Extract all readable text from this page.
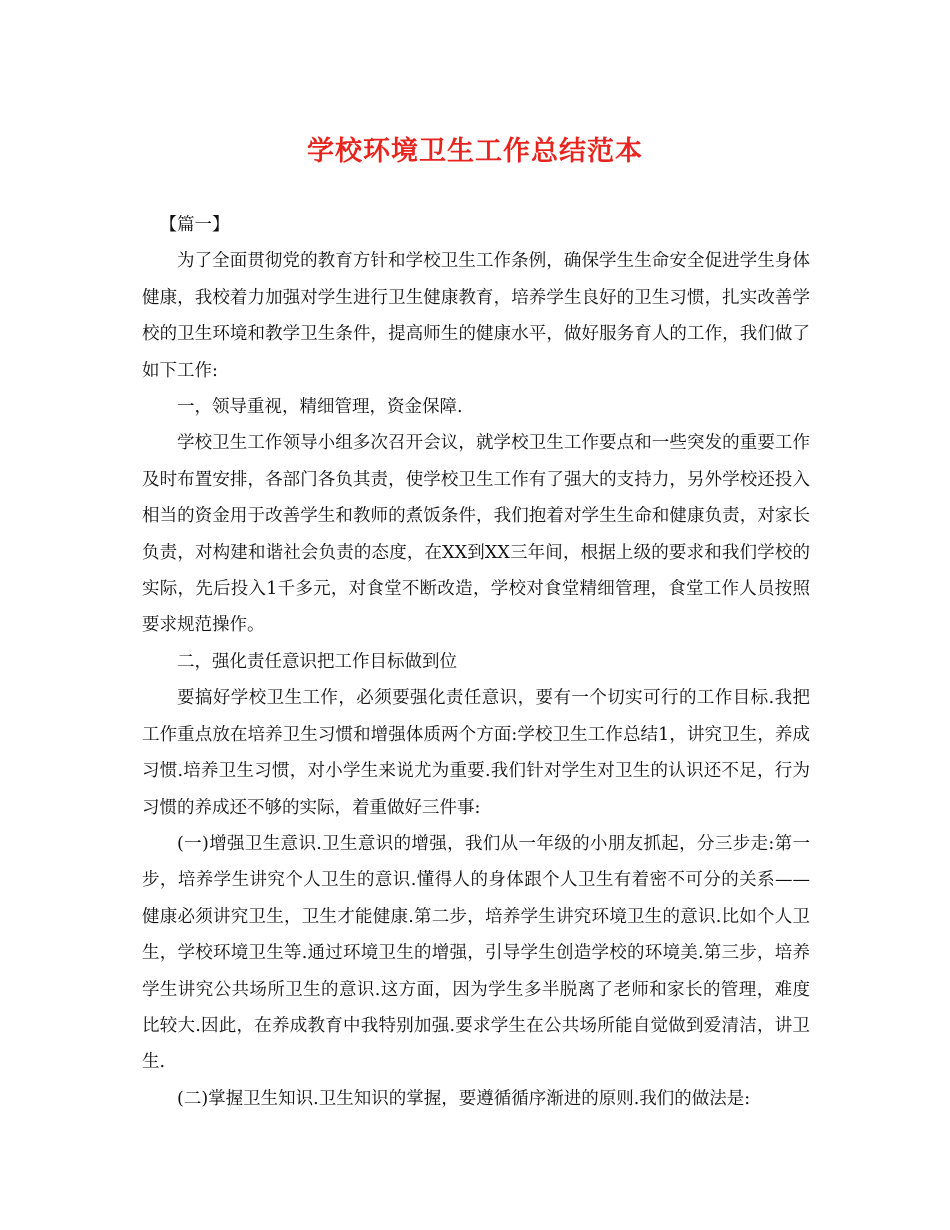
学校环境卫生工作总结范本

【篇一】

为了全面贯彻党的教育方针和学校卫生工作条例，确保学生生命安全促进学生身体健康，我校着力加强对学生进行卫生健康教育，培养学生良好的卫生习惯，扎实改善学校的卫生环境和教学卫生条件，提高师生的健康水平，做好服务育人的工作，我们做了如下工作:

一，领导重视，精细管理，资金保障.

学校卫生工作领导小组多次召开会议，就学校卫生工作要点和一些突发的重要工作及时布置安排，各部门各负其责，使学校卫生工作有了强大的支持力，另外学校还投入相当的资金用于改善学生和教师的煮饭条件，我们抱着对学生生命和健康负责，对家长负责，对构建和谐社会负责的态度，在XX到XX三年间，根据上级的要求和我们学校的实际，先后投入1千多元，对食堂不断改造，学校对食堂精细管理，食堂工作人员按照要求规范操作。

二，强化责任意识把工作目标做到位

要搞好学校卫生工作，必须要强化责任意识，要有一个切实可行的工作目标.我把工作重点放在培养卫生习惯和增强体质两个方面:学校卫生工作总结1，讲究卫生，养成习惯.培养卫生习惯，对小学生来说尤为重要.我们针对学生对卫生的认识还不足，行为习惯的养成还不够的实际，着重做好三件事:

(一)增强卫生意识.卫生意识的增强，我们从一年级的小朋友抓起，分三步走:第一步，培养学生讲究个人卫生的意识.懂得人的身体跟个人卫生有着密不可分的关系——健康必须讲究卫生，卫生才能健康.第二步，培养学生讲究环境卫生的意识.比如个人卫生，学校环境卫生等.通过环境卫生的增强，引导学生创造学校的环境美.第三步，培养学生讲究公共场所卫生的意识.这方面，因为学生多半脱离了老师和家长的管理，难度比较大.因此，在养成教育中我特别加强.要求学生在公共场所能自觉做到爱清洁，讲卫生.

(二)掌握卫生知识.卫生知识的掌握，要遵循循序渐进的原则.我们的做法是:
